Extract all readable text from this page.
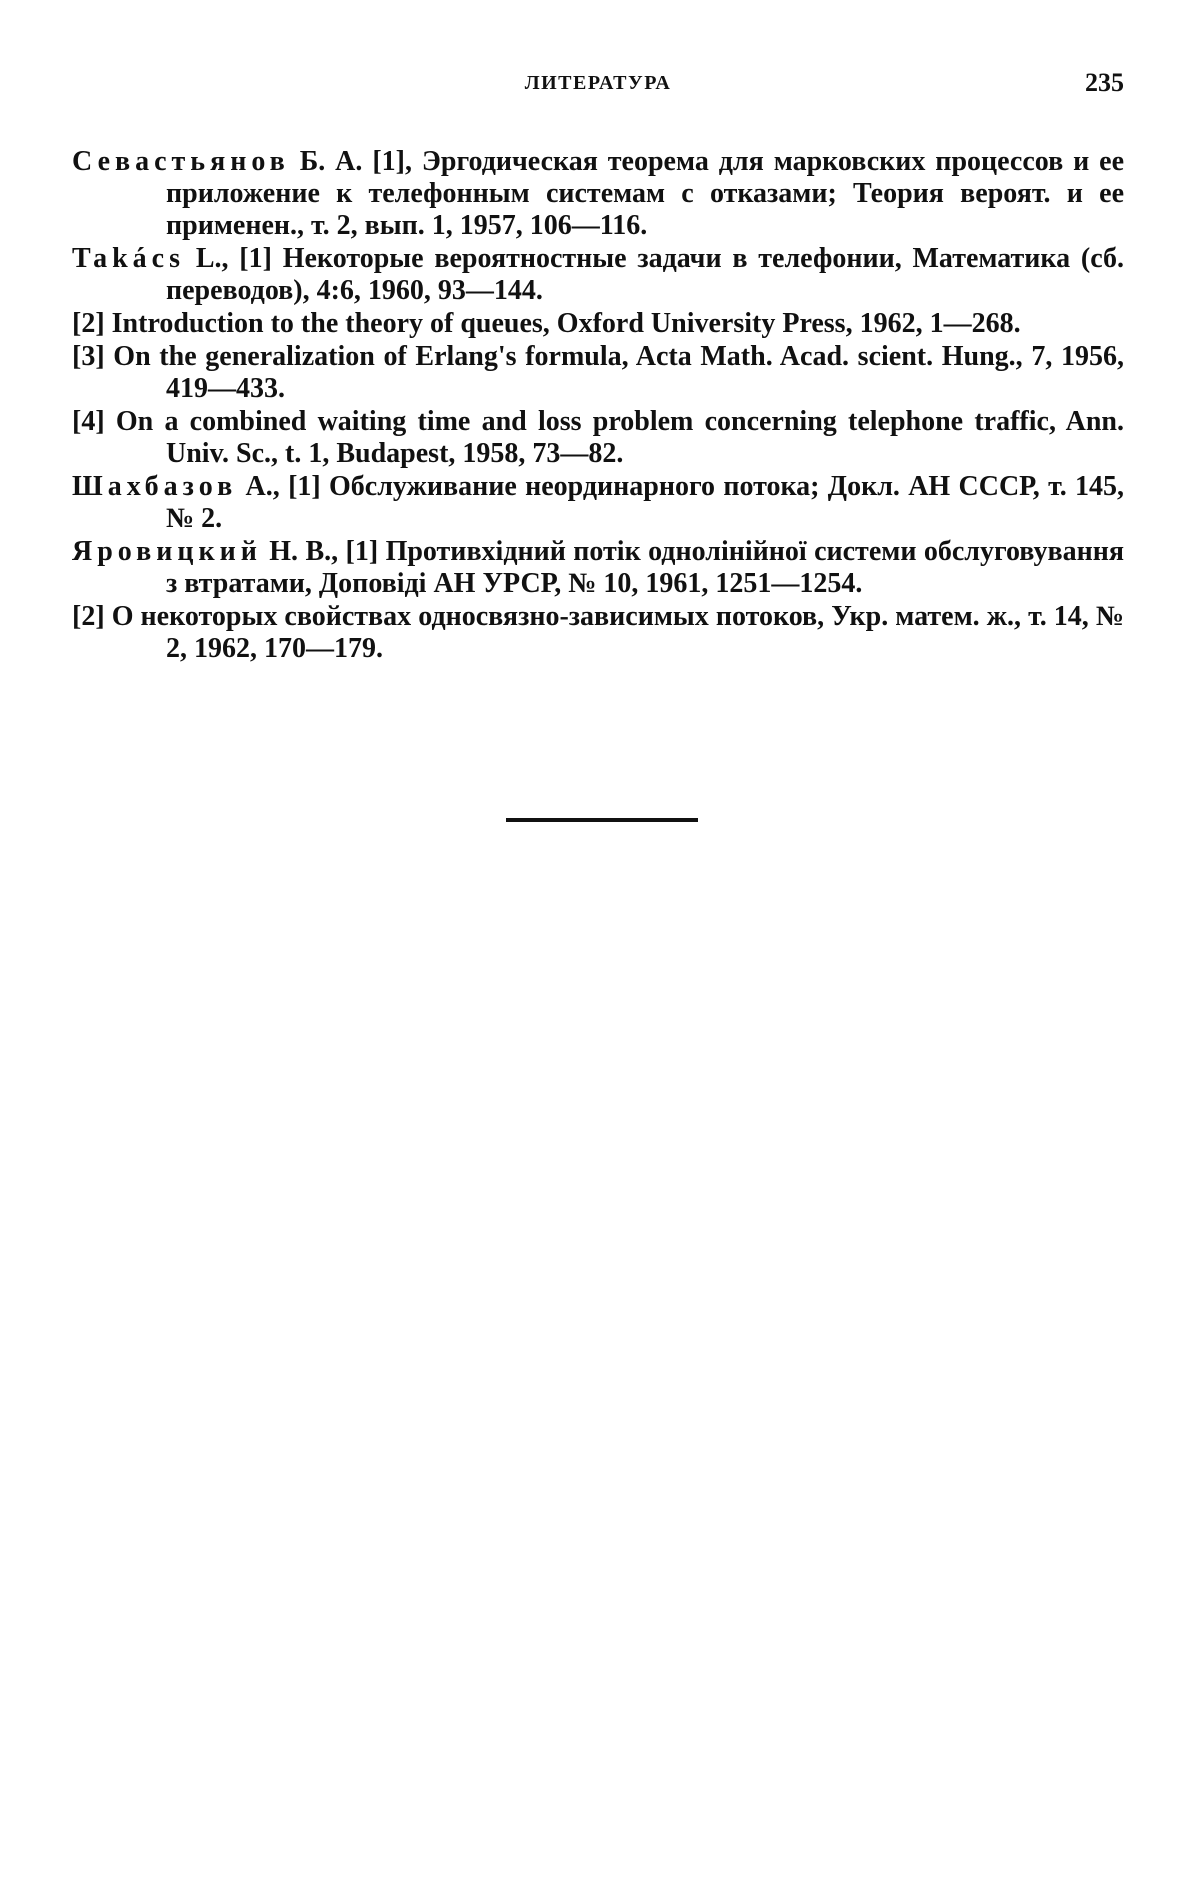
ЛИТЕРАТУРА	235
Севастьянов Б. А. [1], Эргодическая теорема для марковских процессов и ее приложение к телефонным системам с отказами; Теория вероят. и ее применен., т. 2, вып. 1, 1957, 106—116.
Takács L., [1] Некоторые вероятностные задачи в телефонии, Математика (сб. переводов), 4:6, 1960, 93—144.
[2] Introduction to the theory of queues, Oxford University Press, 1962, 1—268.
[3] On the generalization of Erlang's formula, Acta Math. Acad. scient. Hung., 7, 1956, 419—433.
[4] On a combined waiting time and loss problem concerning telephone traffic, Ann. Univ. Sc., t. 1, Budapest, 1958, 73—82.
Шахбазов А., [1] Обслуживание неординарного потока; Докл. АН СССР, т. 145, № 2.
Яровицкий Н. В., [1] Противхідний потік однолінійної системи обслуговування з втратами, Доповіді АН УРСР, № 10, 1961, 1251—1254.
[2] О некоторых свойствах односвязно-зависимых потоков, Укр. матем. ж., т. 14, № 2, 1962, 170—179.
